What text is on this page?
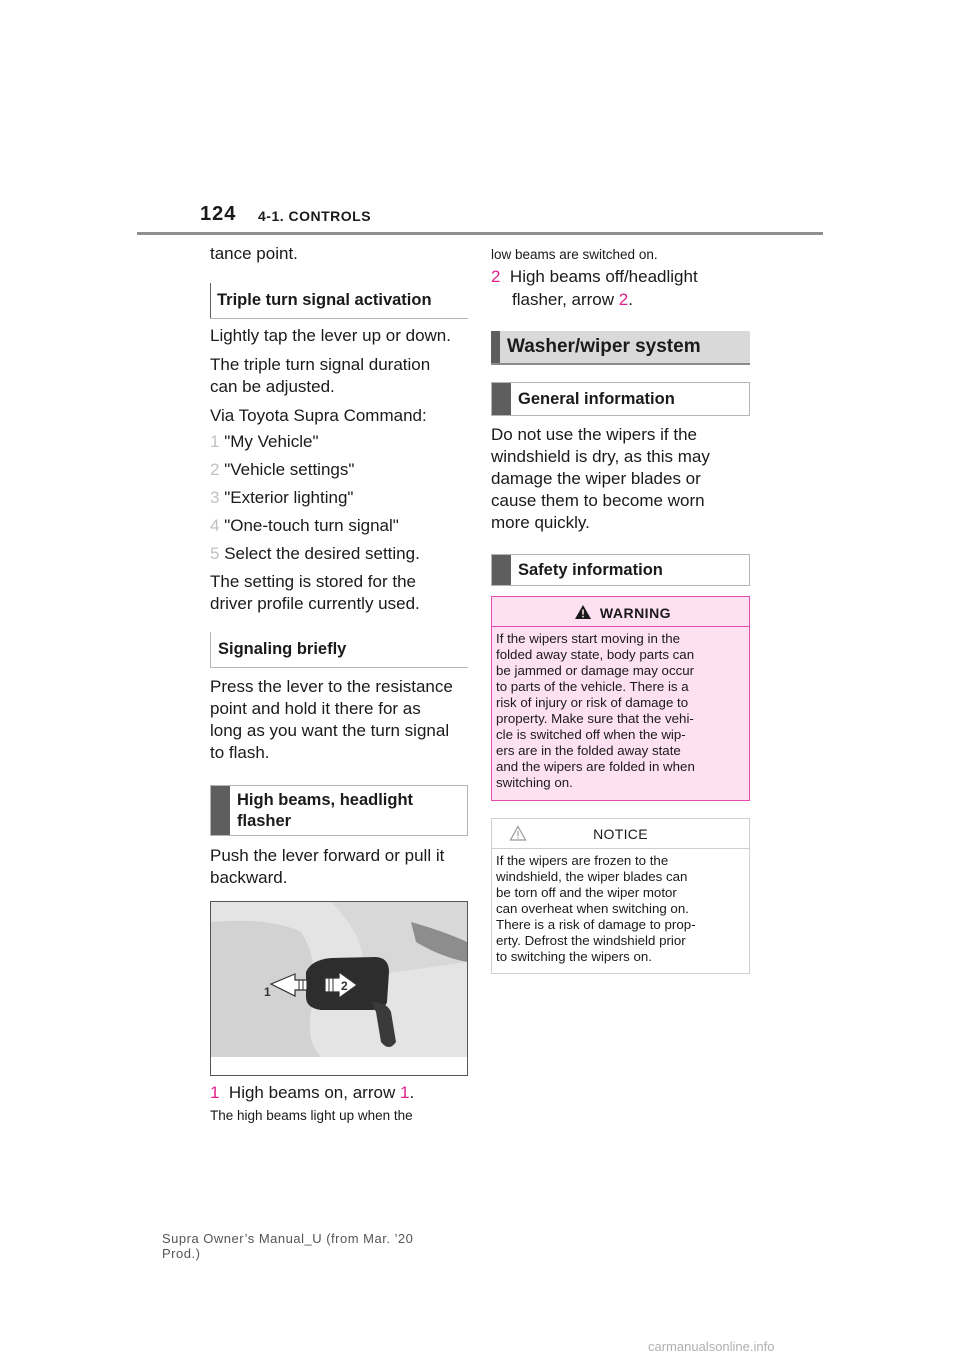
124 4-1. CONTROLS

tance point.

Triple turn signal activation

Lightly tap the lever up or down.

The triple turn signal duration

can be adjusted.

Via Toyota Supra Command:

1 "My Vehicle"
2 "Vehicle settings"
3 "Exterior lighting"
4 "One-touch turn signal"
5 Select the desired setting.

The setting is stored for the

driver profile currently used.

Signaling briefly

Press the lever to the resistance

point and hold it there for as

long as you want the turn signal

to flash.

High beams, headlight
flasher

Push the lever forward or pull it

backward.

1	2
1 High beams on, arrow 1.

The high beams light up when the

low beams are switched on.

2 High beams off/headlight
flasher, arrow 2.
Washer/wiper system
General information

Do not use the wipers if the

windshield is dry, as this may

damage the wiper blades or

cause them to become worn

more quickly.

Safety information
WARNING
If the wipers start moving in the
folded away state, body parts can
be jammed or damage may occur
to parts of the vehicle. There is a
risk of injury or risk of damage to
property. Make sure that the vehi-
cle is switched off when the wip-
ers are in the folded away state
and the wipers are folded in when
switching on.
NOTICE
If the wipers are frozen to the
windshield, the wiper blades can
be torn off and the wiper motor
can overheat when switching on.
There is a risk of damage to prop-
erty. Defrost the windshield prior
to switching the wipers on.
Supra Owner’s Manual_U (from Mar. ’20
Prod.)
carmanualsonline.info
